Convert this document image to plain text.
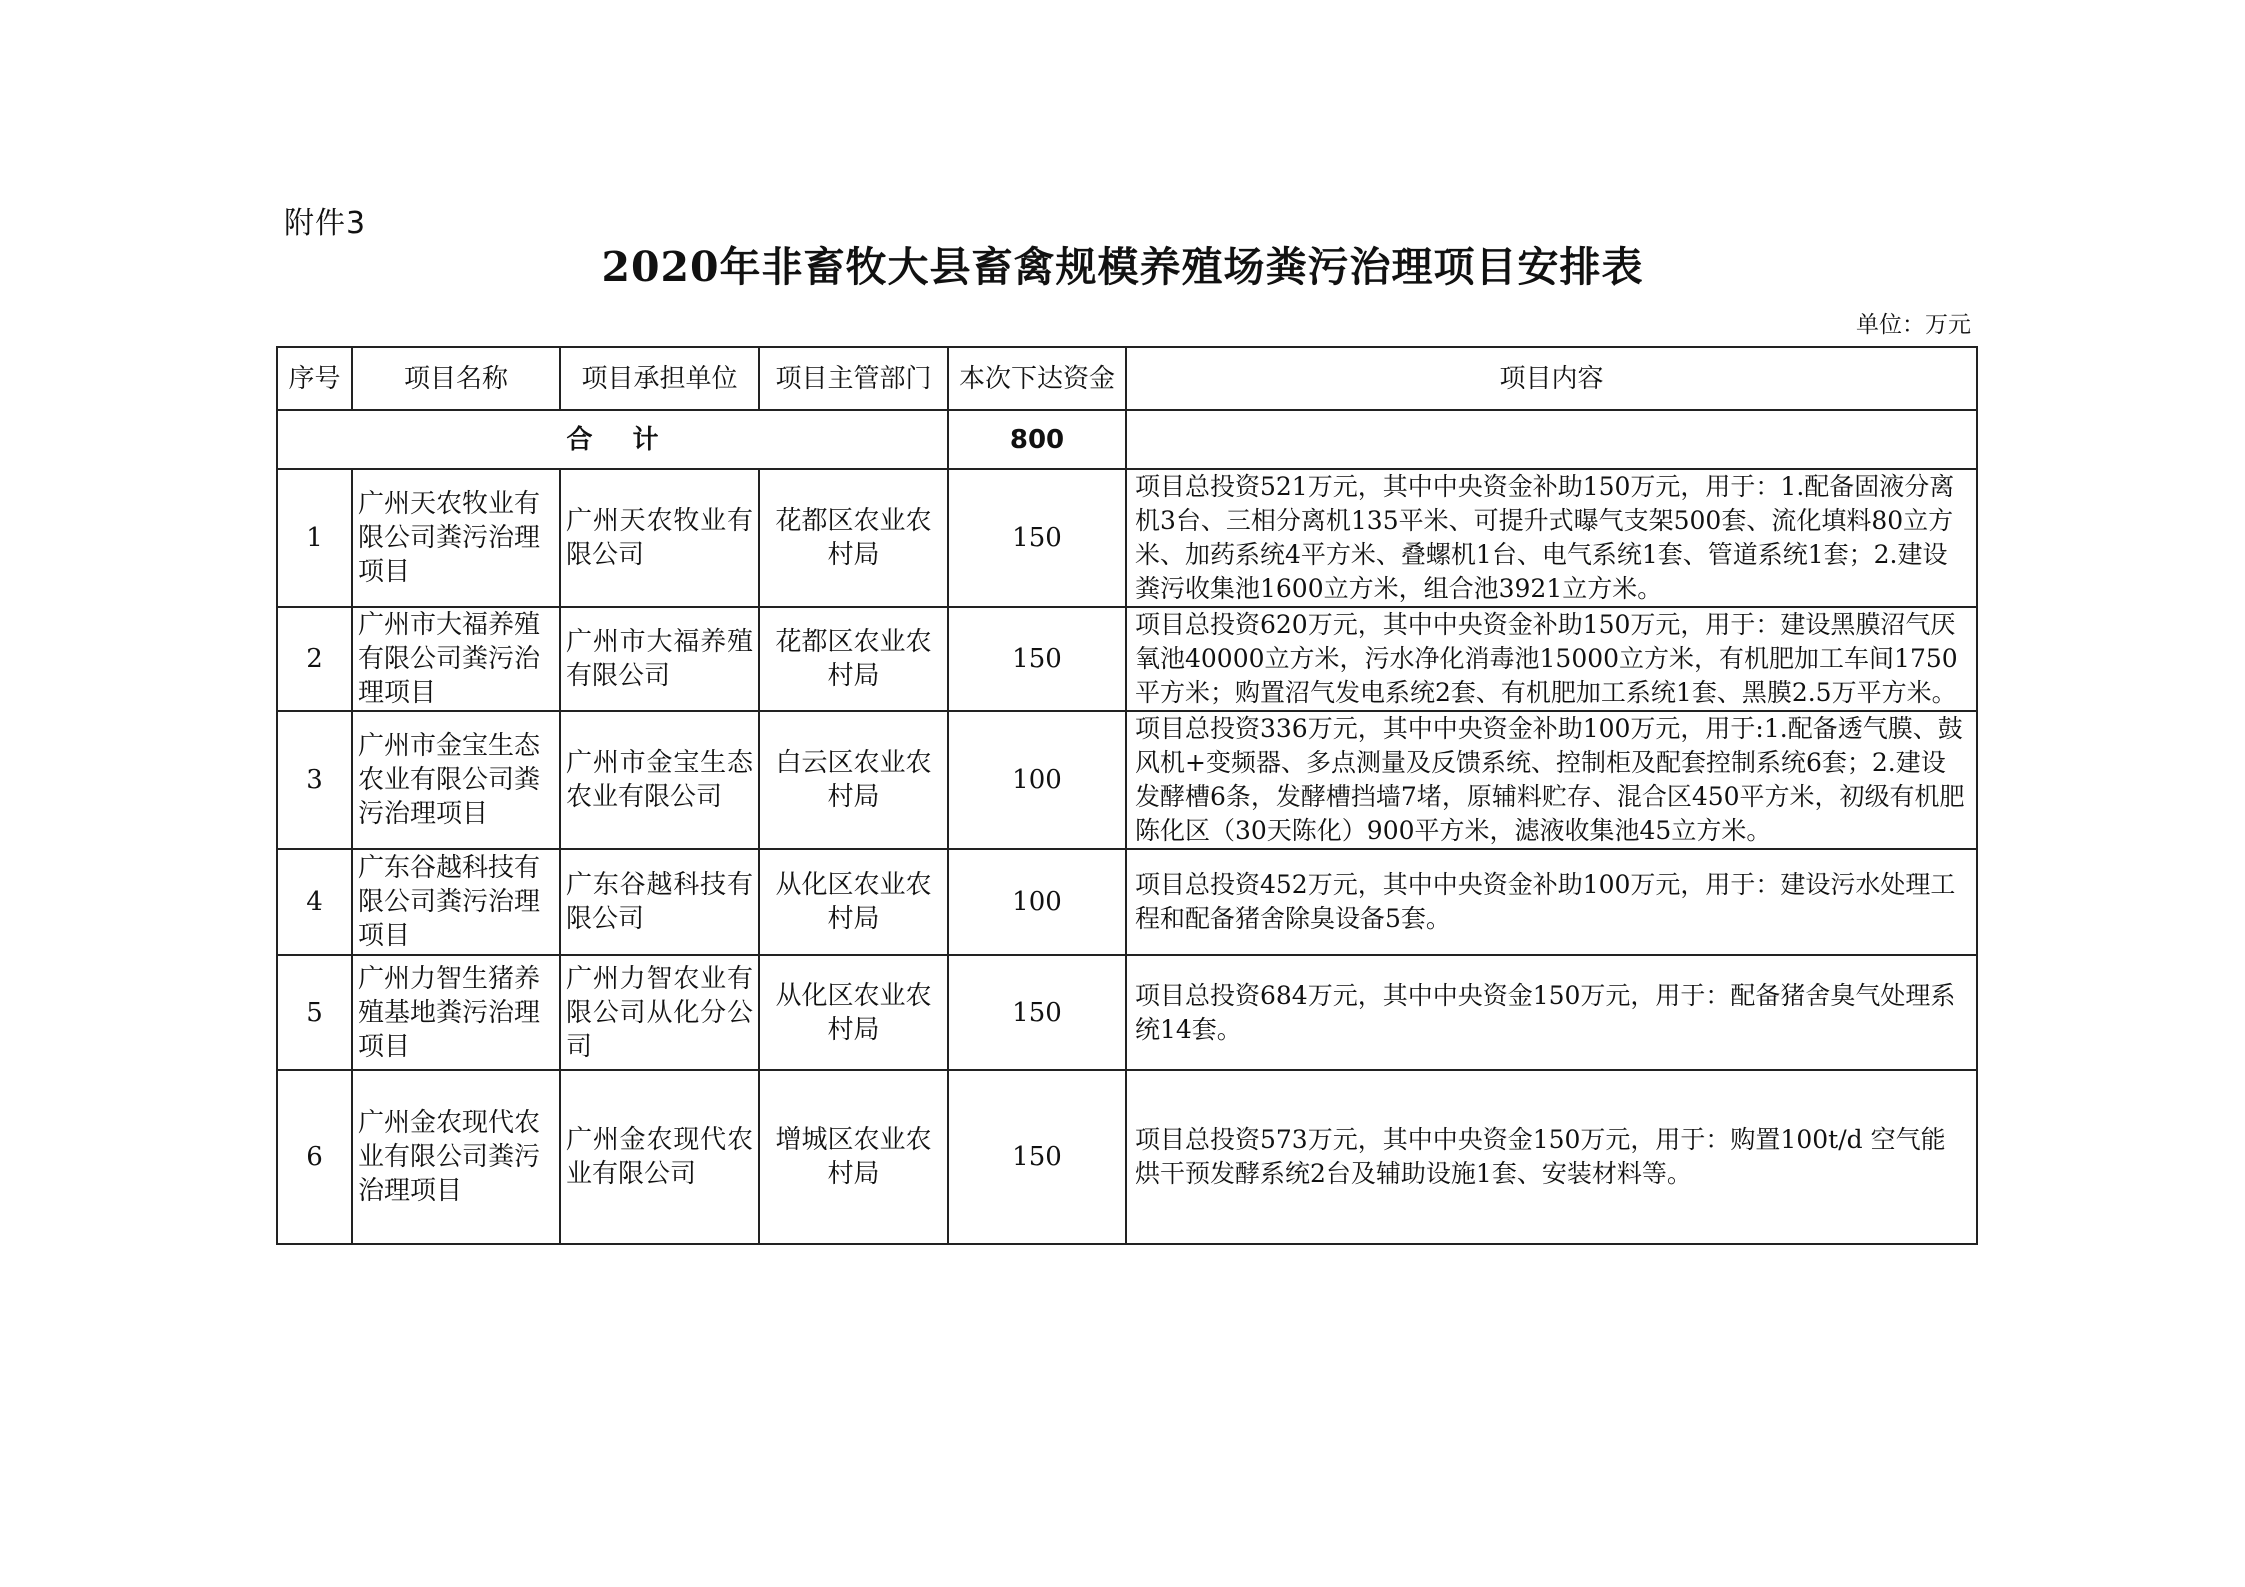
附件3
2020年非畜牧大县畜禽规模养殖场粪污治理项目安排表
单位：万元
序号	项目名称	项目承担单位	项目主管部门	本次下达资金	项目内容
合计				800	
1	广州天农牧业有限公司粪污治理项目	广州天农牧业有限公司	花都区农业农村局	150	项目总投资521万元，其中中央资金补助150万元，用于：1.配备固液分离机3台、三相分离机135平米、可提升式曝气支架500套、流化填料80立方米、加药系统4平方米、叠螺机1台、电气系统1套、管道系统1套；2.建设粪污收集池1600立方米，组合池3921立方米。
2	广州市大福养殖有限公司粪污治理项目	广州市大福养殖有限公司	花都区农业农村局	150	项目总投资620万元，其中中央资金补助150万元，用于：建设黑膜沼气厌氧池40000立方米，污水净化消毒池15000立方米，有机肥加工车间1750平方米；购置沼气发电系统2套、有机肥加工系统1套、黑膜2.5万平方米。
3	广州市金宝生态农业有限公司粪污治理项目	广州市金宝生态农业有限公司	白云区农业农村局	100	项目总投资336万元，其中中央资金补助100万元，用于:1.配备透气膜、鼓风机+变频器、多点测量及反馈系统、控制柜及配套控制系统6套；2.建设发酵槽6条，发酵槽挡墙7堵，原辅料贮存、混合区450平方米，初级有机肥陈化区（30天陈化）900平方米，滤液收集池45立方米。
4	广东谷越科技有限公司粪污治理项目	广东谷越科技有限公司	从化区农业农村局	100	项目总投资452万元，其中中央资金补助100万元，用于：建设污水处理工程和配备猪舍除臭设备5套。
5	广州力智生猪养殖基地粪污治理项目	广州力智农业有限公司从化分公司	从化区农业农村局	150	项目总投资684万元，其中中央资金150万元，用于：配备猪舍臭气处理系统14套。
6	广州金农现代农业有限公司粪污治理项目	广州金农现代农业有限公司	增城区农业农村局	150	项目总投资573万元，其中中央资金150万元，用于：购置100t/d 空气能烘干预发酵系统2台及辅助设施1套、安装材料等。
